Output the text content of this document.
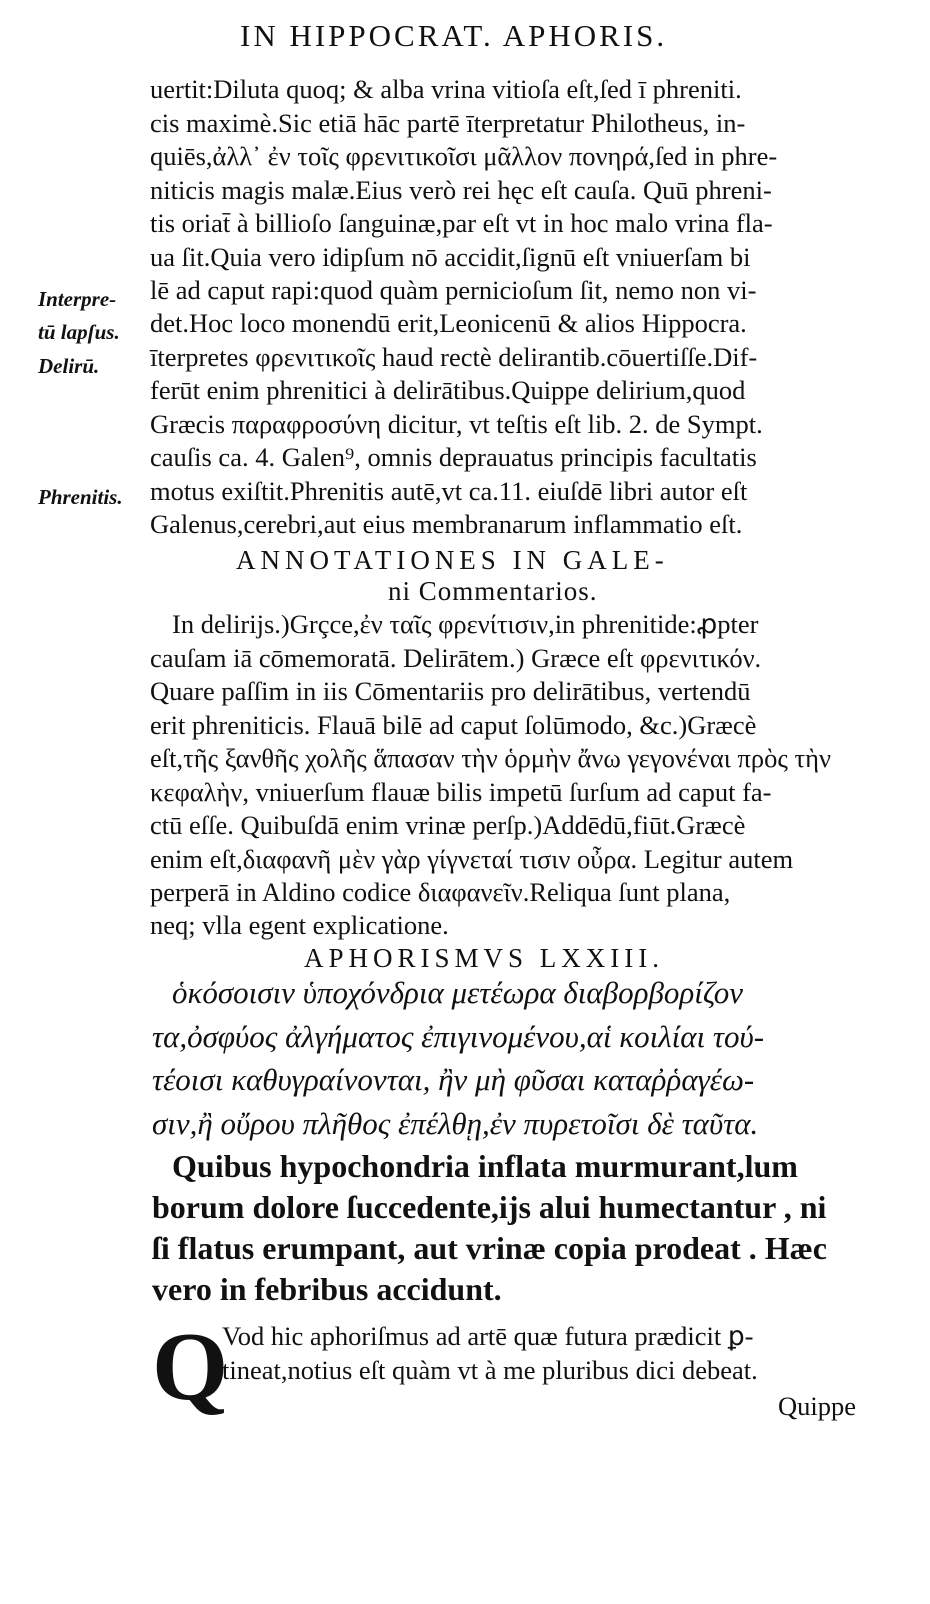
IN HIPPOCRAT. APHORIS.
Interpre-
tū lapſus.
Delirū.
Phrenitis.
uertit:Diluta quoq; & alba vrina vitioſa eſt,ſed ī phreniti.
cis maximè.Sic etiā hāc partē īterpretatur Philotheus, in-
quiēs,ἀλλ᾽ ἐν τοῖς φρενιτικοῖσι μᾶλλον πονηρά,ſed in phre-
niticis magis malæ.Eius verò rei hęc eſt cauſa. Quū phreni-
tis oriat̄ à billioſo ſanguinæ,par eſt vt in hoc malo vrina fla-
ua ſit.Quia vero idipſum nō accidit,ſignū eſt vniuerſam bi
lē ad caput rapi:quod quàm pernicioſum ſit, nemo non vi-
det.Hoc loco monendū erit,Leonicenū & alios Hippocra.
īterpretes φρενιτικοῖς haud rectè delirantib.cōuertiſſe.Dif-
ferūt enim phrenitici à delirātibus.Quippe delirium,quod
Græcis παραφροσύνη dicitur, vt teſtis eſt lib. 2. de Sympt.
cauſis ca. 4. Galen⁹, omnis deprauatus principis facultatis
motus exiſtit.Phrenitis autē,vt ca.11. eiuſdē libri autor eſt
Galenus,cerebri,aut eius membranarum inflammatio eſt.
ANNOTATIONES IN GALE-
ni Commentarios.
In delirijs.)Grçce,ἐν ταῖς φρενίτισιν,in phrenitide:ꝓpter
cauſam iā cōmemoratā. Delirātem.) Græce eſt φρενιτικόν.
Quare paſſim in iis Cōmentariis pro delirātibus, vertendū
erit phreniticis. Flauā bilē ad caput ſolūmodo, &c.)Græcè
eſt,τῆς ξανθῆς χολῆς ἅπασαν τὴν ὁρμὴν ἄνω γεγονέναι πρὸς τὴν
κεφαλὴν, vniuerſum flauæ bilis impetū ſurſum ad caput fa-
ctū eſſe. Quibuſdā enim vrinæ perſp.)Addēdū,fiūt.Græcè
enim eſt,διαφανῆ μὲν γὰρ γίγνεταί τισιν οὖρα. Legitur autem
perperā in Aldino codice διαφανεῖν.Reliqua ſunt plana,
neq; vlla egent explicatione.
APHORISMVS LXXIII.
ὁκόσοισιν ὑποχόνδρια μετέωρα διαβορβορίζον
τα,ὀσφύος ἀλγήματος ἐπιγινομένου,αἱ κοιλίαι τού-
τέοισι καθυγραίνονται, ἢν μὴ φῦσαι καταῤῥαγέω-
σιν,ἢ οὔρου πλῆθος ἐπέλθῃ,ἐν πυρετοῖσι δὲ ταῦτα.
Quibus hypochondria inflata murmurant,lum
borum dolore ſuccedente,ijs alui humectantur , ni
ſi flatus erumpant, aut vrinæ copia prodeat . Hæc
vero in febribus accidunt.
Q
Vod hic aphoriſmus ad artē quæ futura prædicit ꝑ-
tineat,notius eſt quàm vt à me pluribus dici debeat.
Quippe
